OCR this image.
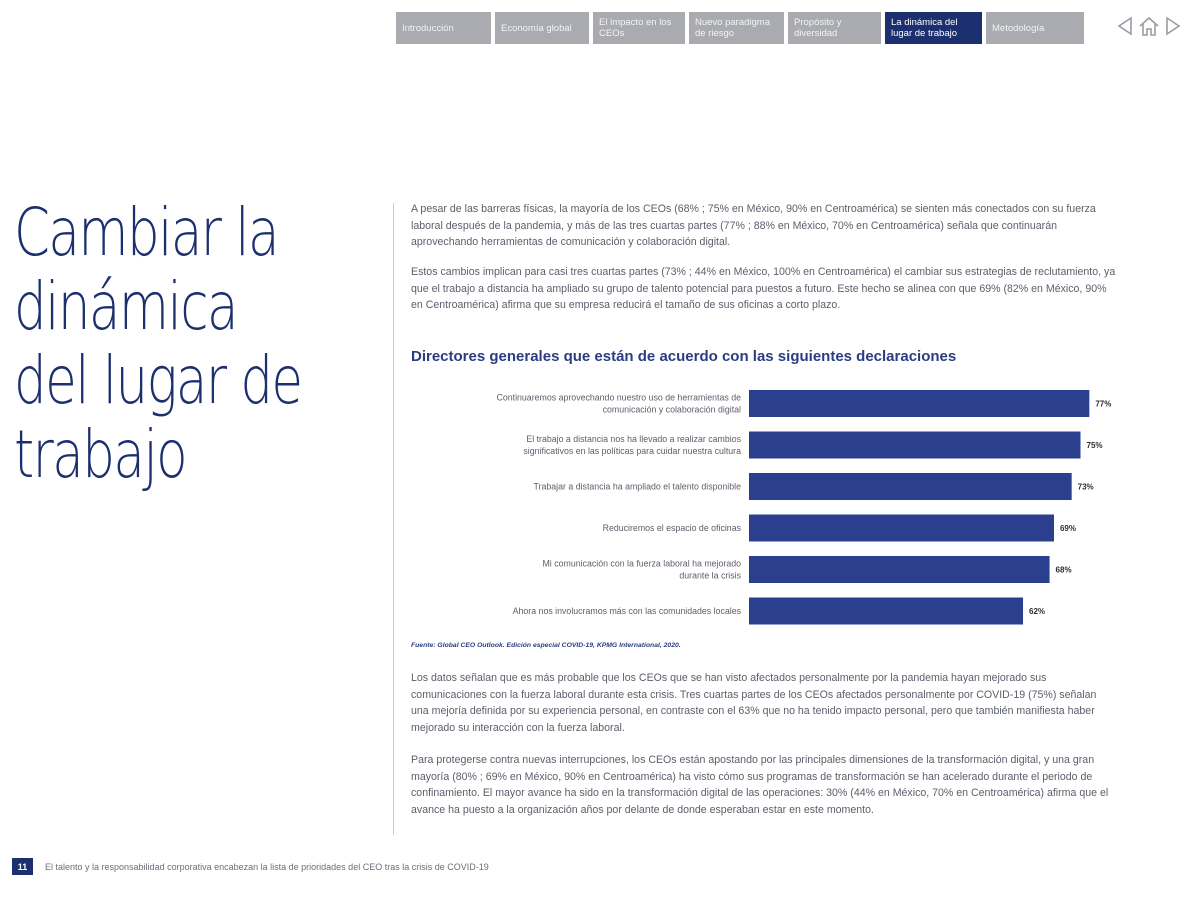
Introducción	Economía global	El impacto en los CEOs
Nuevo paradigma de riesgo
Propósito y diversidad
La dinámica del lugar de trabajo	Metodología
Cambiar la
dinámica
del lugar de
trabajo
A pesar de las barreras físicas, la mayoría de los CEOs (68% ; 75% en México, 90% en Centroamérica) se sienten más conectados con su fuerza laboral después de la pandemia, y más de las tres cuartas partes (77% ; 88% en México, 70% en Centroamérica) señala que continuarán aprovechando herramientas de comunicación y colaboración digital.
Estos cambios implican para casi tres cuartas partes (73% ; 44% en México, 100% en Centroamérica) el cambiar sus estrategias de reclutamiento, ya que el trabajo a distancia ha ampliado su grupo de talento potencial para puestos a futuro. Este hecho se alinea con que 69% (82% en México, 90% en Centroamérica) afirma que su empresa reducirá el tamaño de sus oficinas a corto plazo.
Directores generales que están de acuerdo con las siguientes declaraciones
77%
Continuaremos aprovechando nuestro uso de herramientas de comunicación y colaboración digital
75%
El trabajo a distancia nos ha llevado a realizar cambios significativos en las políticas para cuidar nuestra cultura
73%
Trabajar a distancia ha ampliado el talento disponible
69%
Reduciremos el espacio de oficinas
68%
Mi comunicación con la fuerza laboral ha mejorado durante la crisis
62%
Ahora nos involucramos más con las comunidades locales
Fuente: Global CEO Outlook. Edición especial COVID-19, KPMG International, 2020.
Los datos señalan que es más probable que los CEOs que se han visto afectados personalmente por la pandemia hayan mejorado sus comunicaciones con la fuerza laboral durante esta crisis. Tres cuartas partes de los CEOs afectados personalmente por COVID-19 (75%) señalan una mejoría definida por su experiencia personal, en contraste con el 63% que no ha tenido impacto personal, pero que también manifiesta haber mejorado su interacción con la fuerza laboral.
Para protegerse contra nuevas interrupciones, los CEOs están apostando por las principales dimensiones de la transformación digital, y una gran mayoría (80% ; 69% en México, 90% en Centroamérica) ha visto cómo sus programas de transformación se han acelerado durante el periodo de confinamiento. El mayor avance ha sido en la transformación digital de las operaciones: 30% (44% en México, 70% en Centroamérica) afirma que el avance ha puesto a la organización años por delante de donde esperaban estar en este momento.
11	El talento y la responsabilidad corporativa encabezan la lista de prioridades del CEO tras la crisis de COVID-19
